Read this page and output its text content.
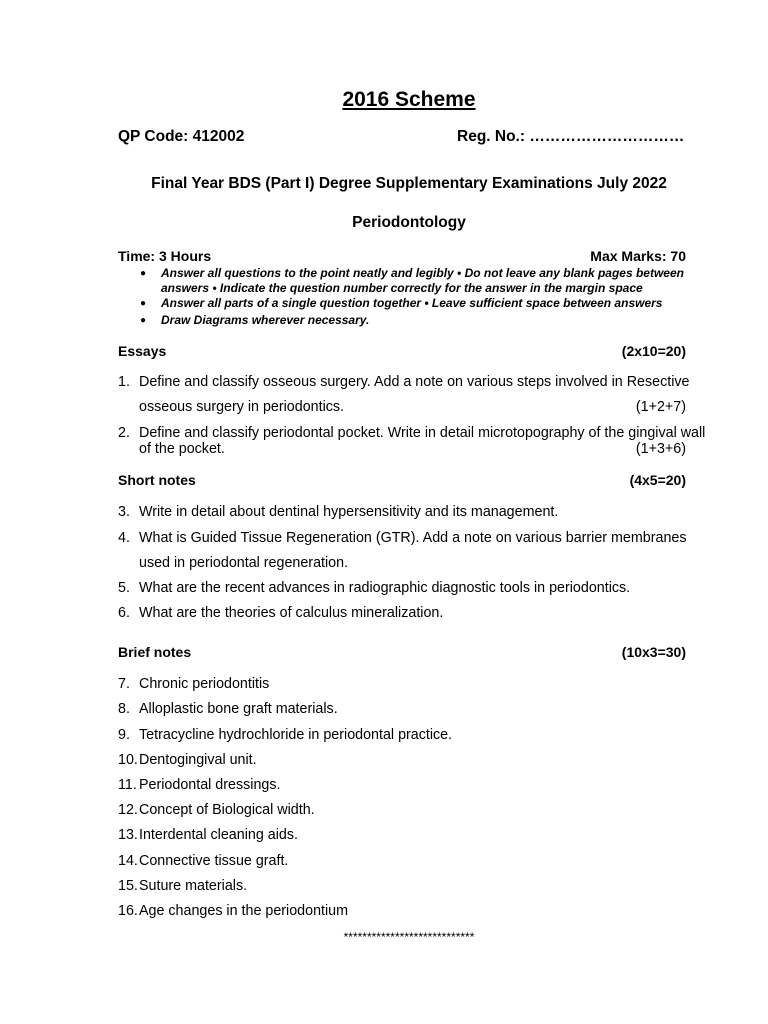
2016 Scheme
QP Code: 412002	Reg. No.: …………………………
Final Year BDS (Part I) Degree Supplementary Examinations July 2022
Periodontology
Time: 3 Hours	Max Marks: 70
● Answer all questions to the point neatly and legibly • Do not leave any blank pages between
answers • Indicate the question number correctly for the answer in the margin space
● Answer all parts of a single question together • Leave sufficient space between answers
● Draw Diagrams wherever necessary.
Essays	(2x10=20)
1. Define and classify osseous surgery. Add a note on various steps involved in Resective
osseous surgery in periodontics.	(1+2+7)
2. Define and classify periodontal pocket. Write in detail microtopography of the gingival wall
of the pocket.	(1+3+6)
Short notes	(4x5=20)
3. Write in detail about dentinal hypersensitivity and its management.
4. What is Guided Tissue Regeneration (GTR). Add a note on various barrier membranes
used in periodontal regeneration.
5. What are the recent advances in radiographic diagnostic tools in periodontics.
6. What are the theories of calculus mineralization.
Brief notes	(10x3=30)
7. Chronic periodontitis
8. Alloplastic bone graft materials.
9. Tetracycline hydrochloride in periodontal practice.
10. Dentogingival unit.
11. Periodontal dressings.
12. Concept of Biological width.
13. Interdental cleaning aids.
14. Connective tissue graft.
15. Suture materials.
16. Age changes in the periodontium
****************************
